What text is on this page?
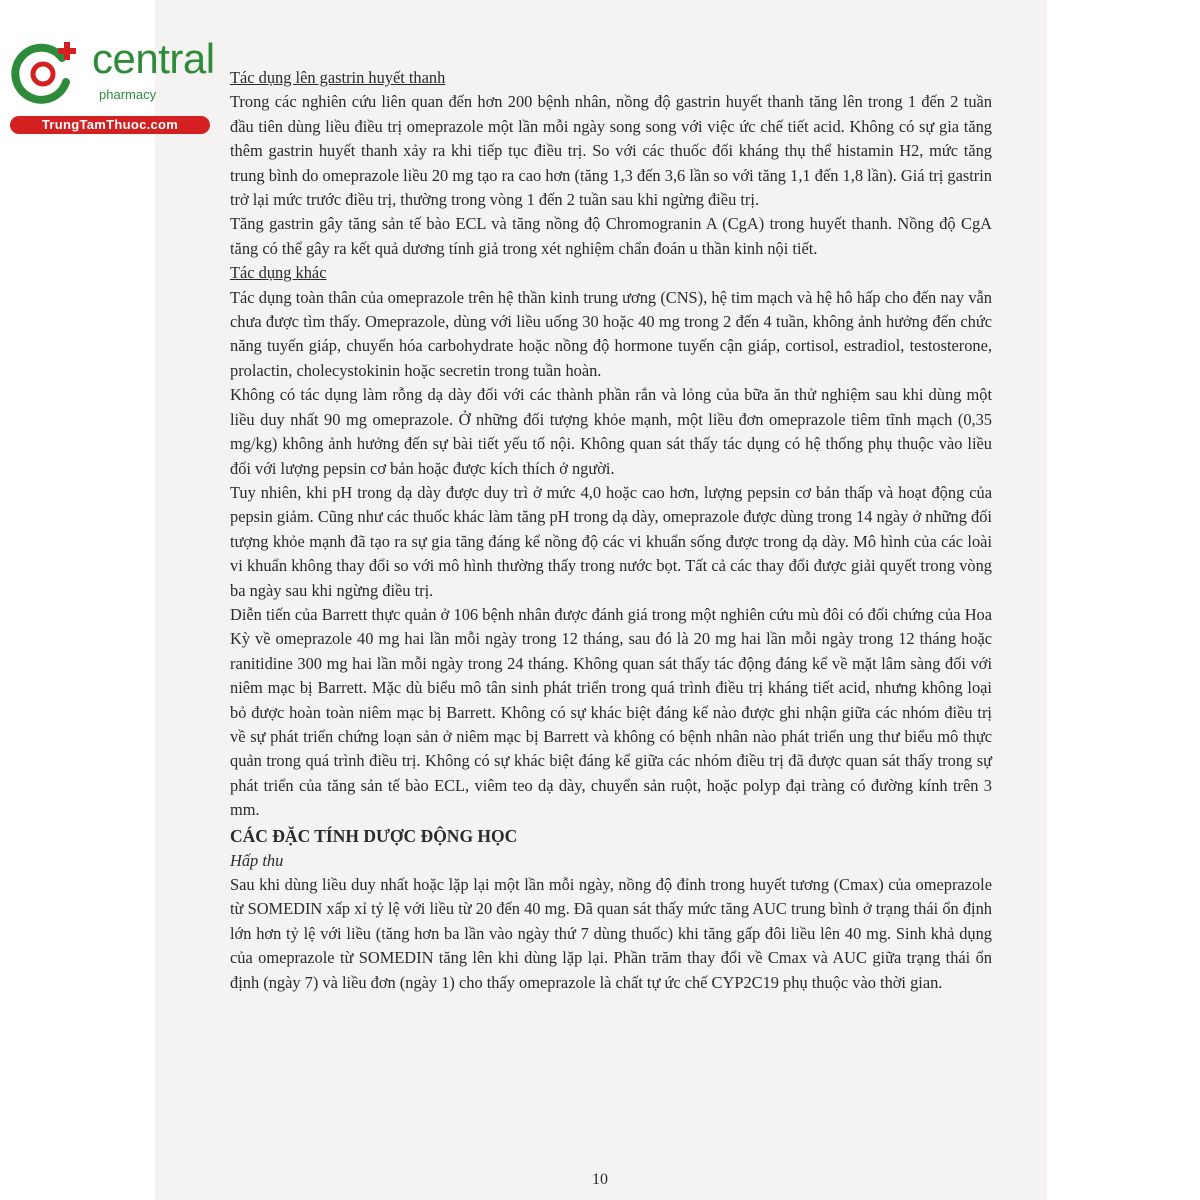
central
pharmacy
TrungTamThuoc.com

Tác dụng lên gastrin huyết thanh

Trong các nghiên cứu liên quan đến hơn 200 bệnh nhân, nồng độ gastrin huyết thanh tăng lên trong 1 đến 2 tuần đầu tiên dùng liều điều trị omeprazole một lần mỗi ngày song song với việc ức chế tiết acid. Không có sự gia tăng thêm gastrin huyết thanh xảy ra khi tiếp tục điều trị. So với các thuốc đối kháng thụ thể histamin H2, mức tăng trung bình do omeprazole liều 20 mg tạo ra cao hơn (tăng 1,3 đến 3,6 lần so với tăng 1,1 đến 1,8 lần). Giá trị gastrin trở lại mức trước điều trị, thường trong vòng 1 đến 2 tuần sau khi ngừng điều trị.

Tăng gastrin gây tăng sản tế bào ECL và tăng nồng độ Chromogranin A (CgA) trong huyết thanh. Nồng độ CgA tăng có thể gây ra kết quả dương tính giả trong xét nghiệm chẩn đoán u thần kinh nội tiết.

Tác dụng khác

Tác dụng toàn thân của omeprazole trên hệ thần kinh trung ương (CNS), hệ tim mạch và hệ hô hấp cho đến nay vẫn chưa được tìm thấy. Omeprazole, dùng với liều uống 30 hoặc 40 mg trong 2 đến 4 tuần, không ảnh hưởng đến chức năng tuyến giáp, chuyển hóa carbohydrate hoặc nồng độ hormone tuyến cận giáp, cortisol, estradiol, testosterone, prolactin, cholecystokinin hoặc secretin trong tuần hoàn.

Không có tác dụng làm rỗng dạ dày đối với các thành phần rắn và lỏng của bữa ăn thử nghiệm sau khi dùng một liều duy nhất 90 mg omeprazole. Ở những đối tượng khỏe mạnh, một liều đơn omeprazole tiêm tĩnh mạch (0,35 mg/kg) không ảnh hưởng đến sự bài tiết yếu tố nội. Không quan sát thấy tác dụng có hệ thống phụ thuộc vào liều đối với lượng pepsin cơ bản hoặc được kích thích ở người.

Tuy nhiên, khi pH trong dạ dày được duy trì ở mức 4,0 hoặc cao hơn, lượng pepsin cơ bản thấp và hoạt động của pepsin giảm. Cũng như các thuốc khác làm tăng pH trong dạ dày, omeprazole được dùng trong 14 ngày ở những đối tượng khỏe mạnh đã tạo ra sự gia tăng đáng kể nồng độ các vi khuẩn sống được trong dạ dày. Mô hình của các loài vi khuẩn không thay đổi so với mô hình thường thấy trong nước bọt. Tất cả các thay đổi được giải quyết trong vòng ba ngày sau khi ngừng điều trị.

Diễn tiến của Barrett thực quản ở 106 bệnh nhân được đánh giá trong một nghiên cứu mù đôi có đối chứng của Hoa Kỳ về omeprazole 40 mg hai lần mỗi ngày trong 12 tháng, sau đó là 20 mg hai lần mỗi ngày trong 12 tháng hoặc ranitidine 300 mg hai lần mỗi ngày trong 24 tháng. Không quan sát thấy tác động đáng kể về mặt lâm sàng đối với niêm mạc bị Barrett. Mặc dù biểu mô tân sinh phát triển trong quá trình điều trị kháng tiết acid, nhưng không loại bỏ được hoàn toàn niêm mạc bị Barrett. Không có sự khác biệt đáng kể nào được ghi nhận giữa các nhóm điều trị về sự phát triển chứng loạn sản ở niêm mạc bị Barrett và không có bệnh nhân nào phát triển ung thư biểu mô thực quản trong quá trình điều trị. Không có sự khác biệt đáng kể giữa các nhóm điều trị đã được quan sát thấy trong sự phát triển của tăng sản tế bào ECL, viêm teo dạ dày, chuyển sản ruột, hoặc polyp đại tràng có đường kính trên 3 mm.

CÁC ĐẶC TÍNH DƯỢC ĐỘNG HỌC

Hấp thu

Sau khi dùng liều duy nhất hoặc lặp lại một lần mỗi ngày, nồng độ đỉnh trong huyết tương (Cmax) của omeprazole từ SOMEDIN xấp xỉ tỷ lệ với liều từ 20 đến 40 mg. Đã quan sát thấy mức tăng AUC trung bình ở trạng thái ổn định lớn hơn tỷ lệ với liều (tăng hơn ba lần vào ngày thứ 7 dùng thuốc) khi tăng gấp đôi liều lên 40 mg. Sinh khả dụng của omeprazole từ SOMEDIN tăng lên khi dùng lặp lại. Phần trăm thay đổi về Cmax và AUC giữa trạng thái ổn định (ngày 7) và liều đơn (ngày 1) cho thấy omeprazole là chất tự ức chế CYP2C19 phụ thuộc vào thời gian.

10
